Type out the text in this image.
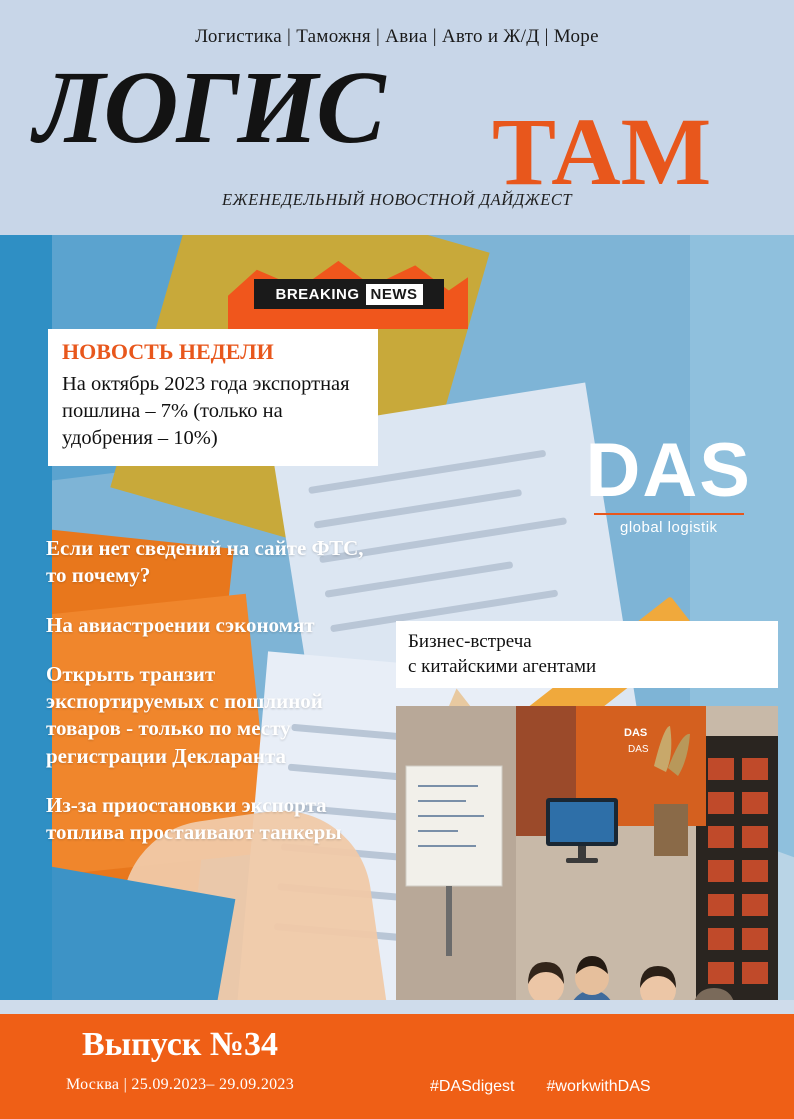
Логистика | Таможня | Авиа | Авто и Ж/Д | Море
ТАМ
ЛОГИС
ЕЖЕНЕДЕЛЬНЫЙ НОВОСТНОЙ ДАЙДЖЕСТ
BREAKING NEWS
НОВОСТЬ НЕДЕЛИ
На октябрь 2023 года экспортная пошлина – 7% (только на удобрения – 10%)
Если нет сведений на сайте ФТС, то почему?
На авиастроении сэкономят
Открыть транзит экспортируемых с пошлиной товаров - только по месту регистрации Декларанта
Из-за приостановки экспорта топлива простаивают танкеры
DAS
global logistik
Бизнес-встреча
с китайскими агентами
DAS
DAS
Выпуск №34
Москва | 25.09.2023– 29.09.2023	#DASdigest #workwithDAS
